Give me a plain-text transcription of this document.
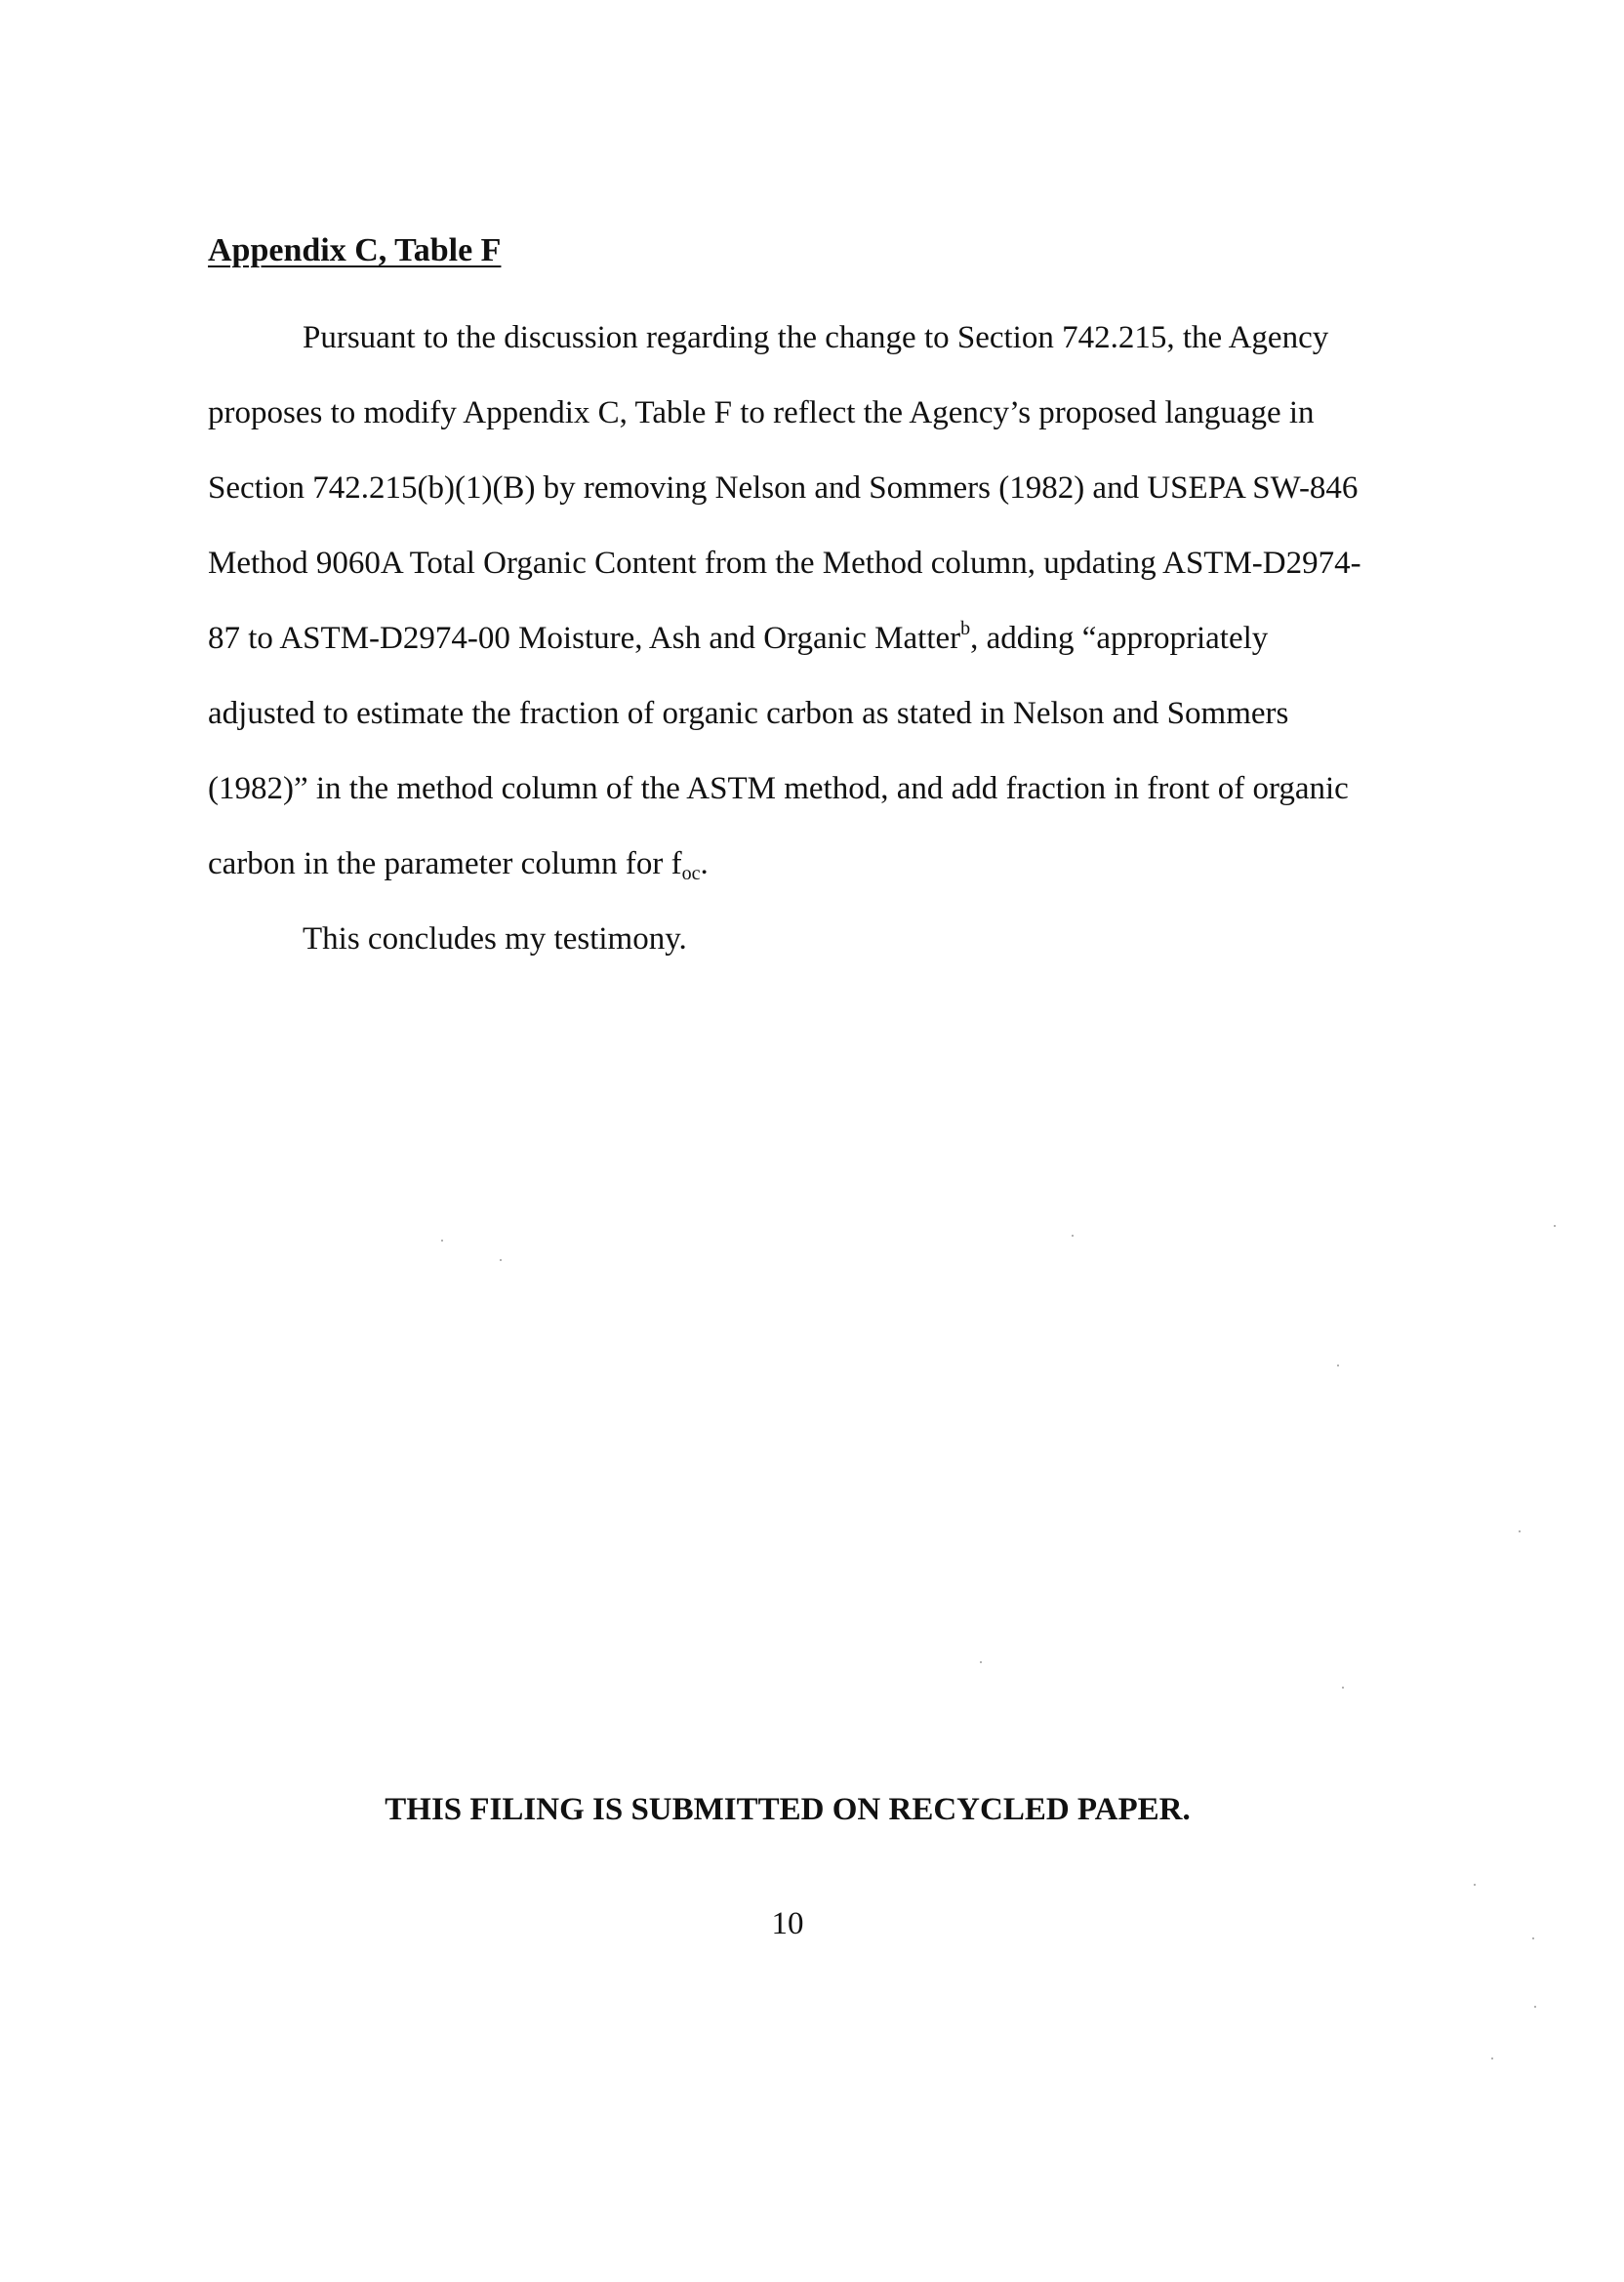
Appendix C, Table F
Pursuant to the discussion regarding the change to Section 742.215, the Agency
proposes to modify Appendix C, Table F to reflect the Agency’s proposed language in
Section 742.215(b)(1)(B) by removing Nelson and Sommers (1982) and USEPA SW-846
Method 9060A Total Organic Content from the Method column, updating ASTM-D2974-
87 to ASTM-D2974-00 Moisture, Ash and Organic Matter$^b$, adding “appropriately
adjusted to estimate the fraction of organic carbon as stated in Nelson and Sommers
(1982)” in the method column of the ASTM method, and add fraction in front of organic
carbon in the parameter column for $f_{oc}$.
This concludes my testimony.
THIS FILING IS SUBMITTED ON RECYCLED PAPER.
10
